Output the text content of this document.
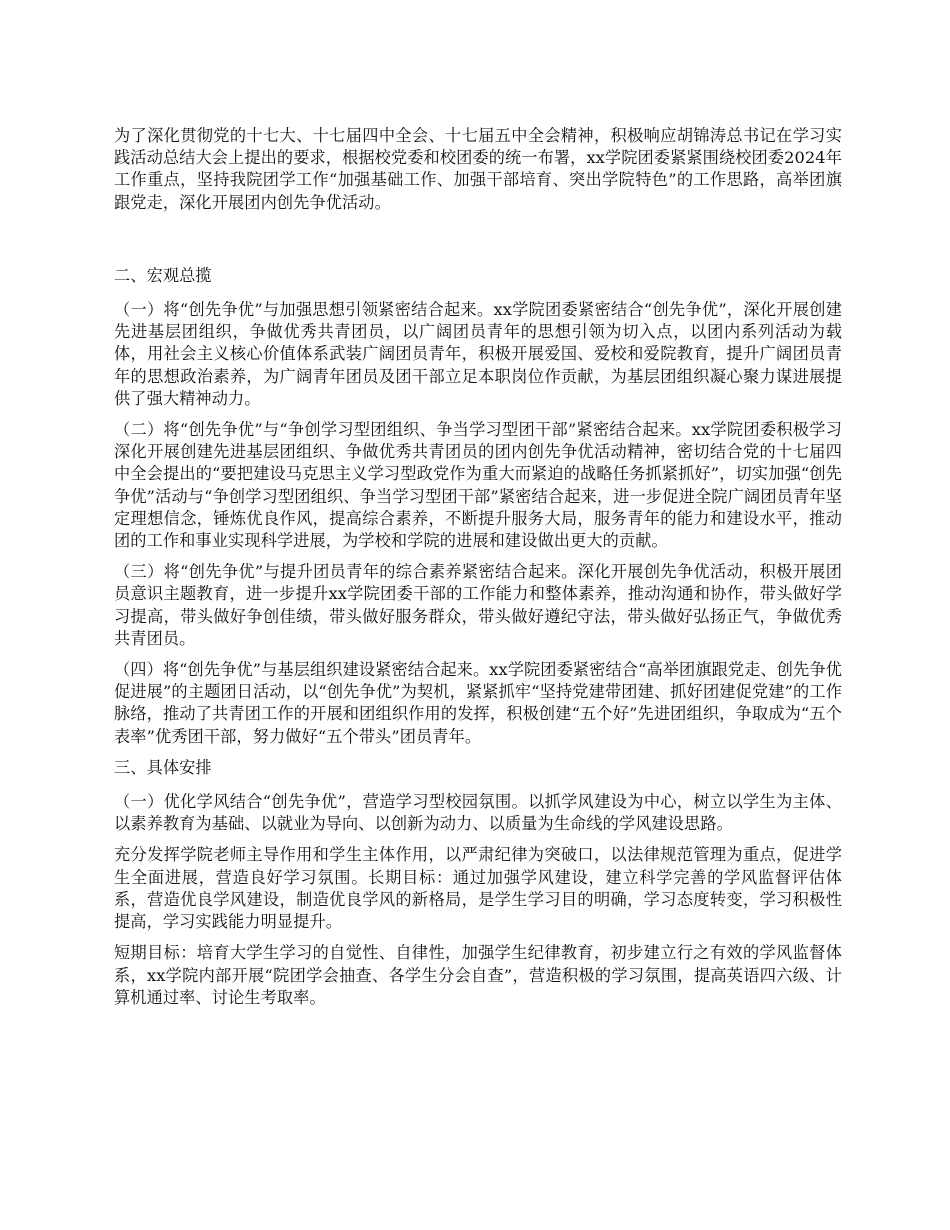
为了深化贯彻党的十七大、十七届四中全会、十七届五中全会精神，积极响应胡锦涛总书记在学习实践活动总结大会上提出的要求，根据校党委和校团委的统一布署，xx学院团委紧紧围绕校团委2024年工作重点，坚持我院团学工作“加强基础工作、加强干部培育、突出学院特色”的工作思路，高举团旗跟党走，深化开展团内创先争优活动。

二、宏观总揽

（一）将“创先争优”与加强思想引领紧密结合起来。xx学院团委紧密结合“创先争优”，深化开展创建先进基层团组织，争做优秀共青团员，以广阔团员青年的思想引领为切入点，以团内系列活动为载体，用社会主义核心价值体系武装广阔团员青年，积极开展爱国、爱校和爱院教育，提升广阔团员青年的思想政治素养，为广阔青年团员及团干部立足本职岗位作贡献，为基层团组织凝心聚力谋进展提供了强大精神动力。

（二）将“创先争优”与“争创学习型团组织、争当学习型团干部”紧密结合起来。xx学院团委积极学习深化开展创建先进基层团组织、争做优秀共青团员的团内创先争优活动精神，密切结合党的十七届四中全会提出的“要把建设马克思主义学习型政党作为重大而紧迫的战略任务抓紧抓好”，切实加强“创先争优”活动与“争创学习型团组织、争当学习型团干部”紧密结合起来，进一步促进全院广阔团员青年坚定理想信念，锤炼优良作风，提高综合素养，不断提升服务大局，服务青年的能力和建设水平，推动团的工作和事业实现科学进展，为学校和学院的进展和建设做出更大的贡献。

（三）将“创先争优”与提升团员青年的综合素养紧密结合起来。深化开展创先争优活动，积极开展团员意识主题教育，进一步提升xx学院团委干部的工作能力和整体素养，推动沟通和协作，带头做好学习提高，带头做好争创佳绩，带头做好服务群众，带头做好遵纪守法，带头做好弘扬正气，争做优秀共青团员。

（四）将“创先争优”与基层组织建设紧密结合起来。xx学院团委紧密结合“高举团旗跟党走、创先争优促进展”的主题团日活动，以“创先争优”为契机，紧紧抓牢“坚持党建带团建、抓好团建促党建”的工作脉络，推动了共青团工作的开展和团组织作用的发挥，积极创建“五个好”先进团组织，争取成为“五个表率”优秀团干部，努力做好“五个带头”团员青年。

三、具体安排

（一）优化学风结合“创先争优”，营造学习型校园氛围。以抓学风建设为中心，树立以学生为主体、以素养教育为基础、以就业为导向、以创新为动力、以质量为生命线的学风建设思路。

充分发挥学院老师主导作用和学生主体作用，以严肃纪律为突破口，以法律规范管理为重点，促进学生全面进展，营造良好学习氛围。长期目标：通过加强学风建设，建立科学完善的学风监督评估体系，营造优良学风建设，制造优良学风的新格局，是学生学习目的明确，学习态度转变，学习积极性提高，学习实践能力明显提升。

短期目标：培育大学生学习的自觉性、自律性，加强学生纪律教育，初步建立行之有效的学风监督体系，xx学院内部开展“院团学会抽查、各学生分会自查”，营造积极的学习氛围，提高英语四六级、计算机通过率、讨论生考取率。
